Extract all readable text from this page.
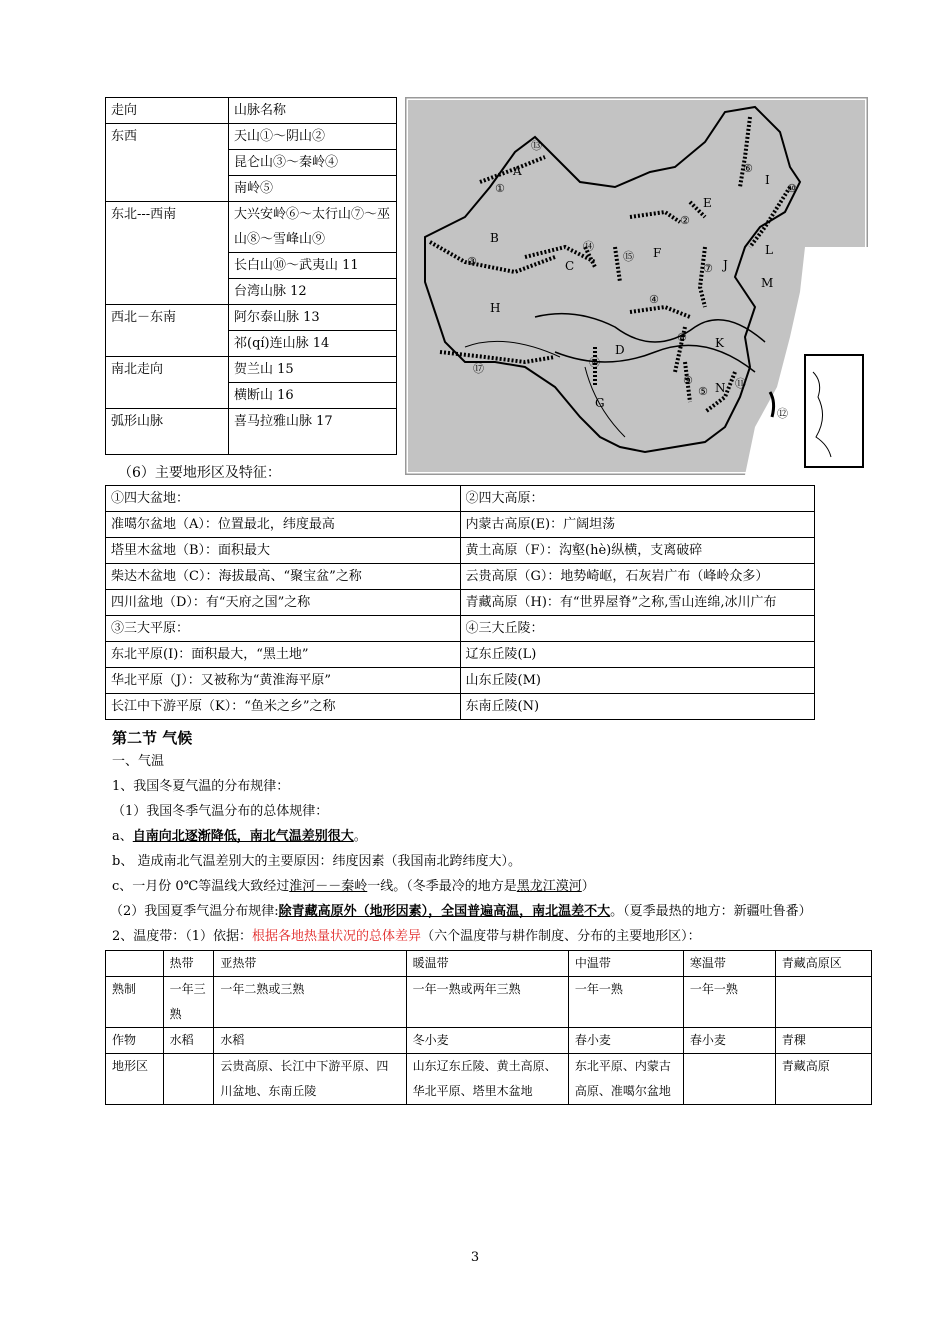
走向	山脉名称
东西	天山①～阴山②
	昆仑山③～秦岭④
	南岭⑤
东北---西南	大兴安岭⑥～太行山⑦～巫山⑧～雪峰山⑨
	长白山⑩～武夷山 11
	台湾山脉 12
西北－东南	阿尔泰山脉 13
	祁(qí)连山脉 14
南北走向	贺兰山 15
	横断山 16
弧形山脉	喜马拉雅山脉 17
A
B
C
D
E
F
G
H
I
J
K
L
M
N
①
②
③
④
⑤
⑥
⑦
⑧
⑨
⑩
⑪
⑫
⑬
⑭
⑮
⑯
⑰
（6）主要地形区及特征：
①四大盆地：	②四大高原：
准噶尔盆地（A）：位置最北，纬度最高	内蒙古高原(E)：广阔坦荡
塔里木盆地（B）：面积最大	黄土高原（F）：沟壑(hè)纵横，支离破碎
柴达木盆地（C）：海拔最高、“聚宝盆”之称	云贵高原（G）：地势崎岖，石灰岩广布（峰岭众多）
四川盆地（D）：有“天府之国”之称	青藏高原（H)：有“世界屋脊”之称,雪山连绵,冰川广布
③三大平原：	④三大丘陵：
东北平原(I)：面积最大，“黑土地”	辽东丘陵(L)
华北平原（J）：又被称为“黄淮海平原”	山东丘陵(M)
长江中下游平原（K）：“鱼米之乡”之称	东南丘陵(N)
第二节 气候
一、气温
1、我国冬夏气温的分布规律：
（1）我国冬季气温分布的总体规律：
a、自南向北逐渐降低，南北气温差别很大。
b、 造成南北气温差别大的主要原因：纬度因素（我国南北跨纬度大）。
c、一月份 0℃等温线大致经过淮河－－秦岭一线。（冬季最冷的地方是黑龙江漠河）
（2）我国夏季气温分布规律:除青藏高原外（地形因素），全国普遍高温，南北温差不大。（夏季最热的地方：新疆吐鲁番）
2、温度带：（1）依据：根据各地热量状况的总体差异（六个温度带与耕作制度、分布的主要地形区）：
	热带	亚热带	暖温带	中温带	寒温带	青藏高原区
熟制	一年三熟	一年二熟或三熟	一年一熟或两年三熟	一年一熟	一年一熟	
作物	水稻	水稻	冬小麦	春小麦	春小麦	青稞
地形区		云贵高原、长江中下游平原、四川盆地、东南丘陵	山东辽东丘陵、黄土高原、华北平原、塔里木盆地	东北平原、内蒙古高原、准噶尔盆地		青藏高原
3
